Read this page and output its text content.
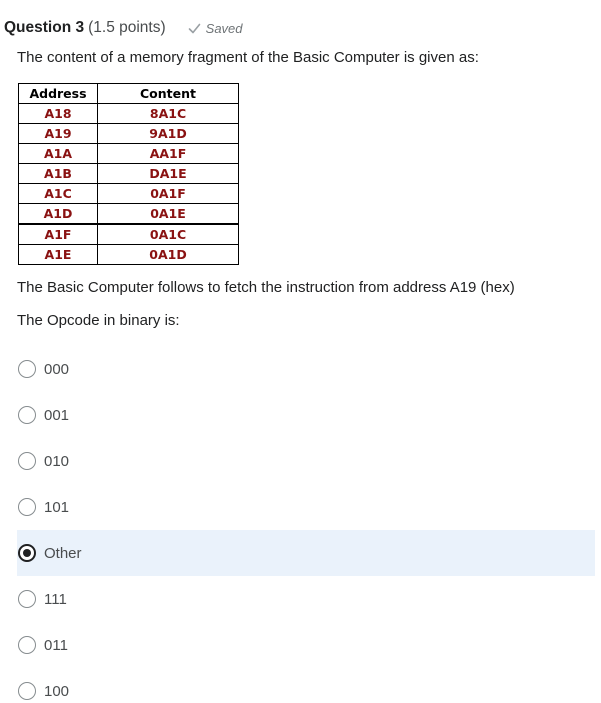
Question 3 (1.5 points)	Saved
The content of a memory fragment of the Basic Computer is given as:
Address	Content
A18	8A1C
A19	9A1D
A1A	AA1F
A1B	DA1E
A1C	0A1F
A1D	0A1E
A1F	0A1C
A1E	0A1D
The Basic Computer follows to fetch the instruction from address A19 (hex)
The Opcode in binary is:
000
001
010
101
Other
111
011
100
